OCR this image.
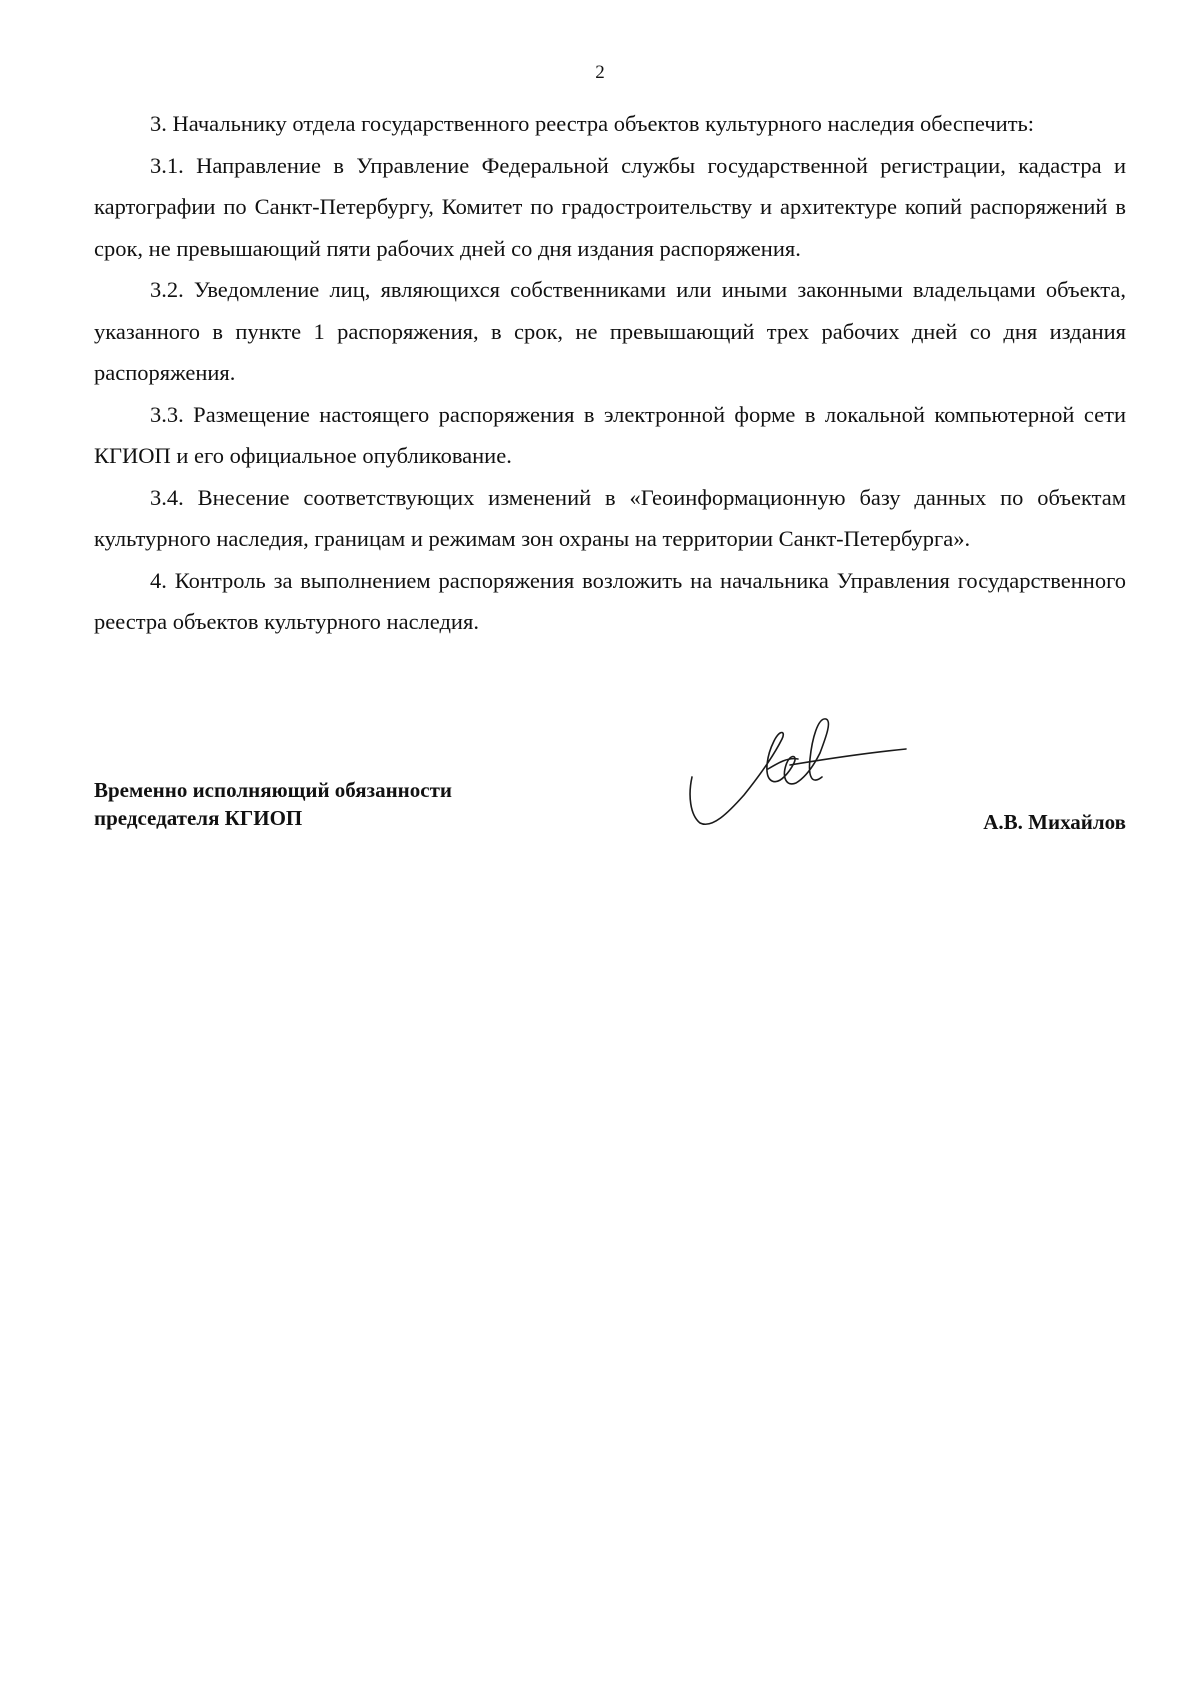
2

3. Начальнику отдела государственного реестра объектов культурного наследия обеспечить:

3.1. Направление в Управление Федеральной службы государственной регистрации, кадастра и картографии по Санкт-Петербургу, Комитет по градостроительству и архитектуре копий распоряжений в срок, не превышающий пяти рабочих дней со дня издания распоряжения.

3.2. Уведомление лиц, являющихся собственниками или иными законными владельцами объекта, указанного в пункте 1 распоряжения, в срок, не превышающий трех рабочих дней со дня издания распоряжения.

3.3. Размещение настоящего распоряжения в электронной форме в локальной компьютерной сети КГИОП и его официальное опубликование.

3.4. Внесение соответствующих изменений в «Геоинформационную базу данных по объектам культурного наследия, границам и режимам зон охраны на территории Санкт-Петербурга».

4. Контроль за выполнением распоряжения возложить на начальника Управления государственного реестра объектов культурного наследия.

Временно исполняющий обязанности
председателя КГИОП	А.В. Михайлов
